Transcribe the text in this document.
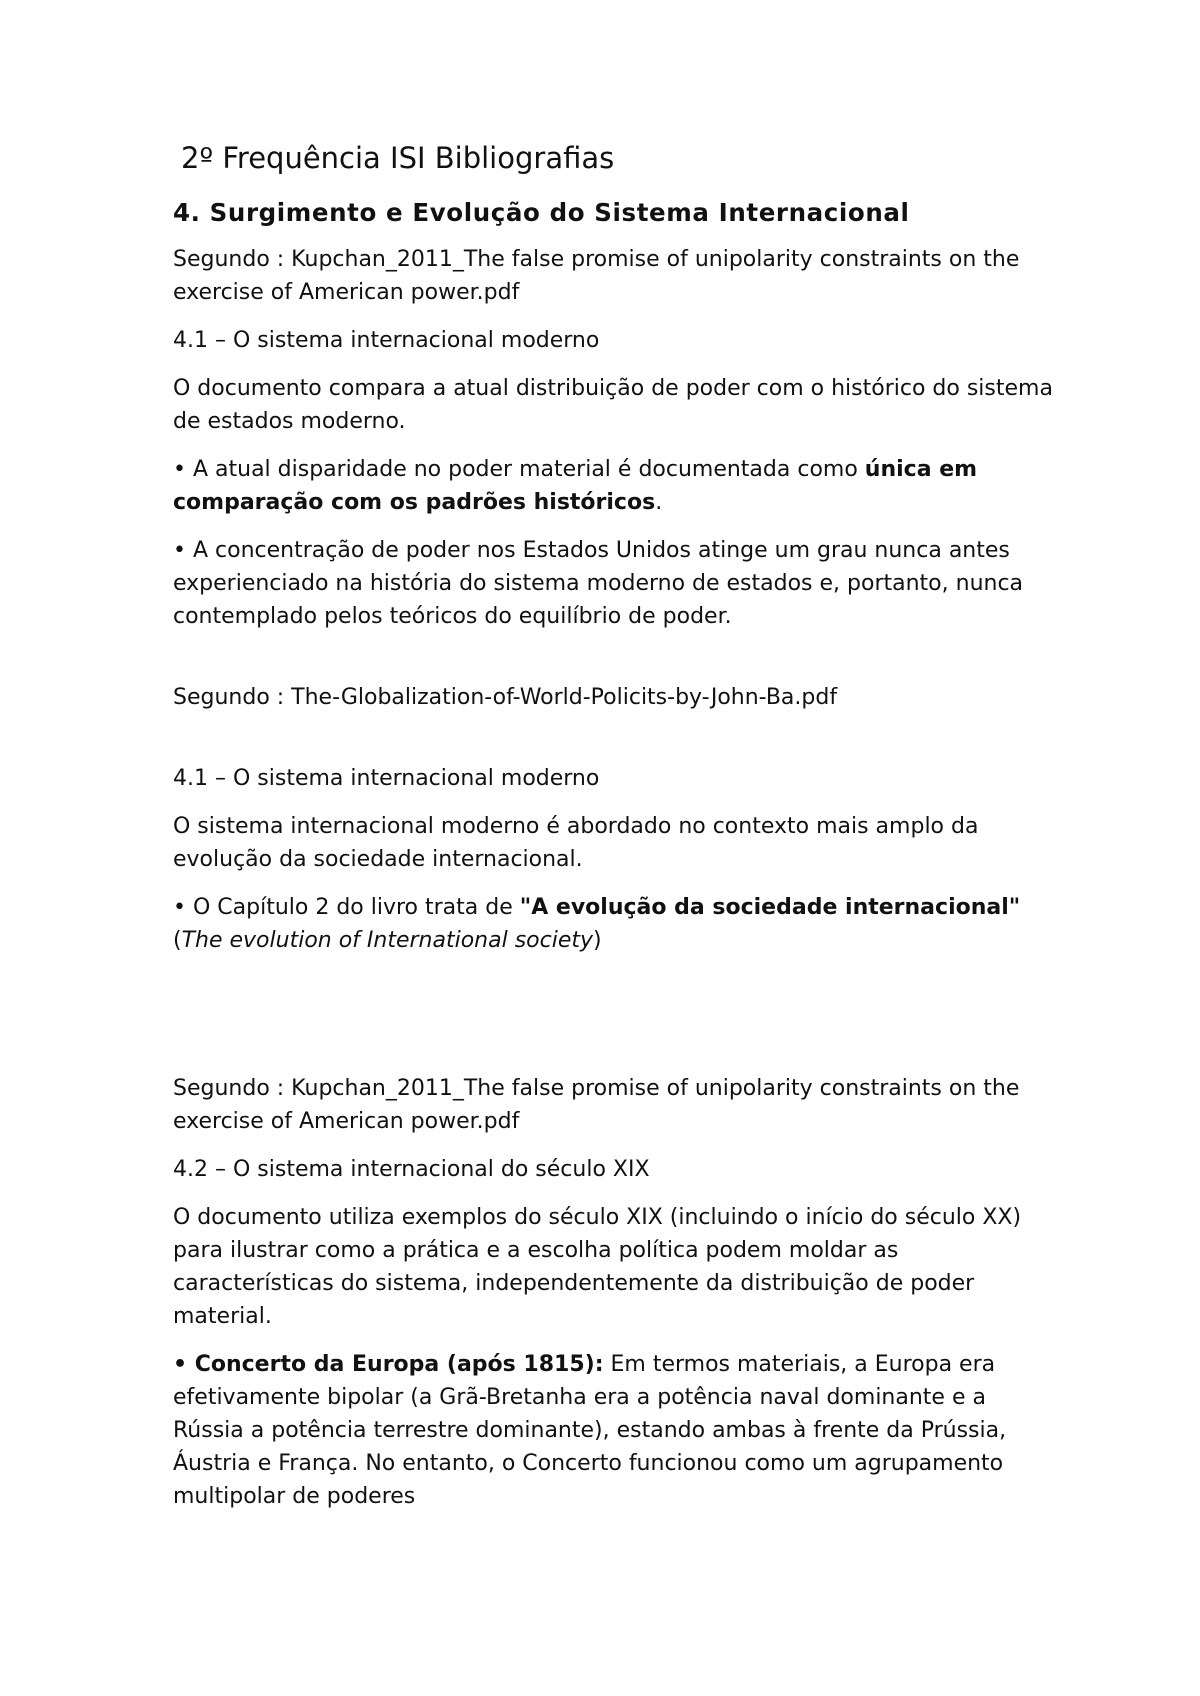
2º Frequência ISI Bibliografias
4. Surgimento e Evolução do Sistema Internacional

Segundo : Kupchan_2011_The false promise of unipolarity constraints on the exercise of American power.pdf

4.1 – O sistema internacional moderno

O documento compara a atual distribuição de poder com o histórico do sistema de estados moderno.

• A atual disparidade no poder material é documentada como única em comparação com os padrões históricos.

• A concentração de poder nos Estados Unidos atinge um grau nunca antes experienciado na história do sistema moderno de estados e, portanto, nunca contemplado pelos teóricos do equilíbrio de poder.

Segundo : The-Globalization-of-World-Policits-by-John-Ba.pdf

4.1 – O sistema internacional moderno

O sistema internacional moderno é abordado no contexto mais amplo da evolução da sociedade internacional.

• O Capítulo 2 do livro trata de "A evolução da sociedade internacional" (The evolution of International society)

Segundo : Kupchan_2011_The false promise of unipolarity constraints on the exercise of American power.pdf

4.2 – O sistema internacional do século XIX

O documento utiliza exemplos do século XIX (incluindo o início do século XX) para ilustrar como a prática e a escolha política podem moldar as características do sistema, independentemente da distribuição de poder material.

• Concerto da Europa (após 1815): Em termos materiais, a Europa era efetivamente bipolar (a Grã-Bretanha era a potência naval dominante e a Rússia a potência terrestre dominante), estando ambas à frente da Prússia, Áustria e França. No entanto, o Concerto funcionou como um agrupamento multipolar de poderes
